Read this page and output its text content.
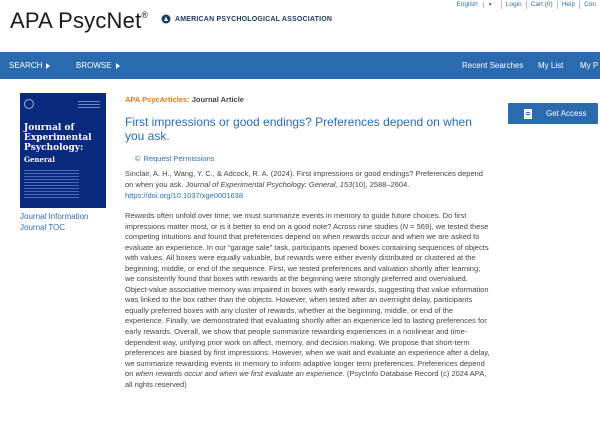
APA PsycNet®	AMERICAN PSYCHOLOGICAL ASSOCIATION
English ▼	Login	Cart (0)	Help	Con
SEARCH	BROWSE	Recent Searches My List My P
Journal of Experimental Psychology:
General
Journal Information
Journal TOC
APA PsycArticles: Journal Article
First impressions or good endings? Preferences depend on when you ask.
© Request Permissions
Sinclair, A. H., Wang, Y. C., & Adcock, R. A. (2024). First impressions or good endings? Preferences depend on when you ask. Journal of Experimental Psychology: General, 153(10), 2588–2604. https://doi.org/10.1037/xge0001638
Rewards often unfold over time; we must summarize events in memory to guide future choices. Do first impressions matter most, or is it better to end on a good note? Across nine studies (N = 569), we tested these competing intuitions and found that preferences depend on when rewards occur and when we are asked to evaluate an experience. In our “garage sale” task, participants opened boxes containing sequences of objects with values. All boxes were equally valuable, but rewards were either evenly distributed or clustered at the beginning, middle, or end of the sequence. First, we tested preferences and valuation shortly after learning; we consistently found that boxes with rewards at the beginning were strongly preferred and overvalued. Object-value associative memory was impaired in boxes with early rewards, suggesting that value information was linked to the box rather than the objects. However, when tested after an overnight delay, participants equally preferred boxes with any cluster of rewards, whether at the beginning, middle, or end of the experience. Finally, we demonstrated that evaluating shortly after an experience led to lasting preferences for early rewards. Overall, we show that people summarize rewarding experiences in a nonlinear and time-dependent way, unifying prior work on affect, memory, and decision making. We propose that short-term preferences are biased by first impressions. However, when we wait and evaluate an experience after a delay, we summarize rewarding events in memory to inform adaptive longer term preferences. Preferences depend on when rewards occur and when we first evaluate an experience. (PsycInfo Database Record (c) 2024 APA, all rights reserved)
Get Access
